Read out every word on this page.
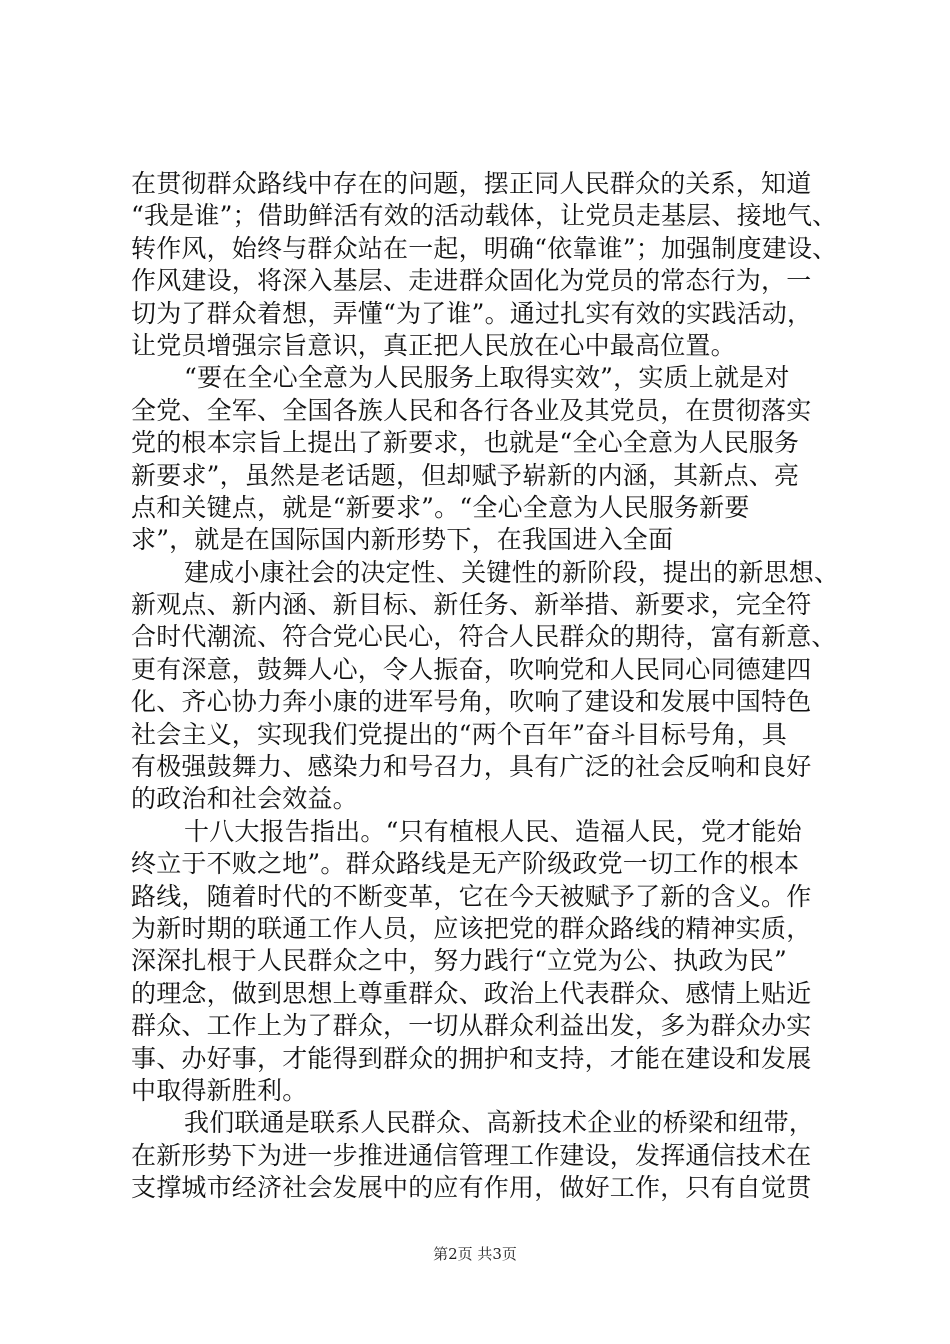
在贯彻群众路线中存在的问题，摆正同人民群众的关系，知道
“我是谁”；借助鲜活有效的活动载体，让党员走基层、接地气、
转作风，始终与群众站在一起，明确“依靠谁”；加强制度建设、
作风建设，将深入基层、走进群众固化为党员的常态行为，一
切为了群众着想，弄懂“为了谁”。通过扎实有效的实践活动，
让党员增强宗旨意识，真正把人民放在心中最高位置。
“要在全心全意为人民服务上取得实效”，实质上就是对
全党、全军、全国各族人民和各行各业及其党员，在贯彻落实
党的根本宗旨上提出了新要求，也就是“全心全意为人民服务
新要求”，虽然是老话题，但却赋予崭新的内涵，其新点、亮
点和关键点，就是“新要求”。“全心全意为人民服务新要
求”，就是在国际国内新形势下，在我国进入全面
建成小康社会的决定性、关键性的新阶段，提出的新思想、
新观点、新内涵、新目标、新任务、新举措、新要求，完全符
合时代潮流、符合党心民心，符合人民群众的期待，富有新意、
更有深意，鼓舞人心，令人振奋，吹响党和人民同心同德建四
化、齐心协力奔小康的进军号角，吹响了建设和发展中国特色
社会主义，实现我们党提出的“两个百年”奋斗目标号角，具
有极强鼓舞力、感染力和号召力，具有广泛的社会反响和良好
的政治和社会效益。
十八大报告指出。“只有植根人民、造福人民，党才能始
终立于不败之地”。群众路线是无产阶级政党一切工作的根本
路线，随着时代的不断变革，它在今天被赋予了新的含义。作
为新时期的联通工作人员，应该把党的群众路线的精神实质，
深深扎根于人民群众之中，努力践行“立党为公、执政为民”
的理念，做到思想上尊重群众、政治上代表群众、感情上贴近
群众、工作上为了群众，一切从群众利益出发，多为群众办实
事、办好事，才能得到群众的拥护和支持，才能在建设和发展
中取得新胜利。
我们联通是联系人民群众、高新技术企业的桥梁和纽带，
在新形势下为进一步推进通信管理工作建设，发挥通信技术在
支撑城市经济社会发展中的应有作用，做好工作，只有自觉贯
第2页 共3页
